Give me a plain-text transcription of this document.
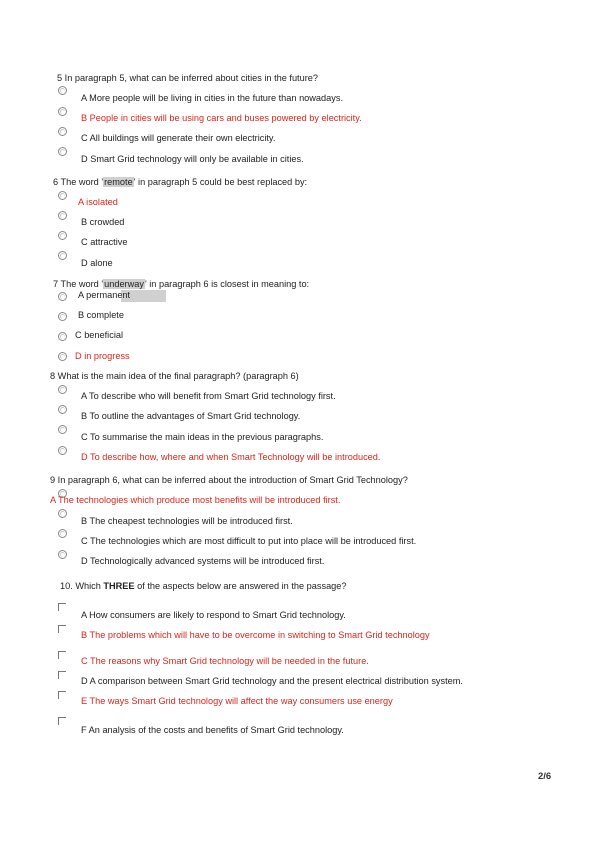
5 In paragraph 5, what can be inferred about cities in the future?
A More people will be living in cities in the future than nowadays.
B People in cities will be using cars and buses powered by electricity.
C All buildings will generate their own electricity.
D Smart Grid technology will only be available in cities.
6 The word 'remote' in paragraph 5 could be best replaced by:
A isolated
B crowded
C attractive
D alone
7 The word 'underway' in paragraph 6 is closest in meaning to:
A permanent
B complete
C beneficial
D in progress
8 What is the main idea of the final paragraph? (paragraph 6)
A To describe who will benefit from Smart Grid technology first.
B To outline the advantages of Smart Grid technology.
C To summarise the main ideas in the previous paragraphs.
D To describe how, where and when Smart Technology will be introduced.
9 In paragraph 6, what can be inferred about the introduction of Smart Grid Technology?
A The technologies which produce most benefits will be introduced first.
B The cheapest technologies will be introduced first.
C The technologies which are most difficult to put into place will be introduced first.
D Technologically advanced systems will be introduced first.
10. Which THREE of the aspects below are answered in the passage?
A How consumers are likely to respond to Smart Grid technology.
B The problems which will have to be overcome in switching to Smart Grid technology
C The reasons why Smart Grid technology will be needed in the future.
D A comparison between Smart Grid technology and the present electrical distribution system.
E The ways Smart Grid technology will affect the way consumers use energy
F An analysis of the costs and benefits of Smart Grid technology.
2/6
